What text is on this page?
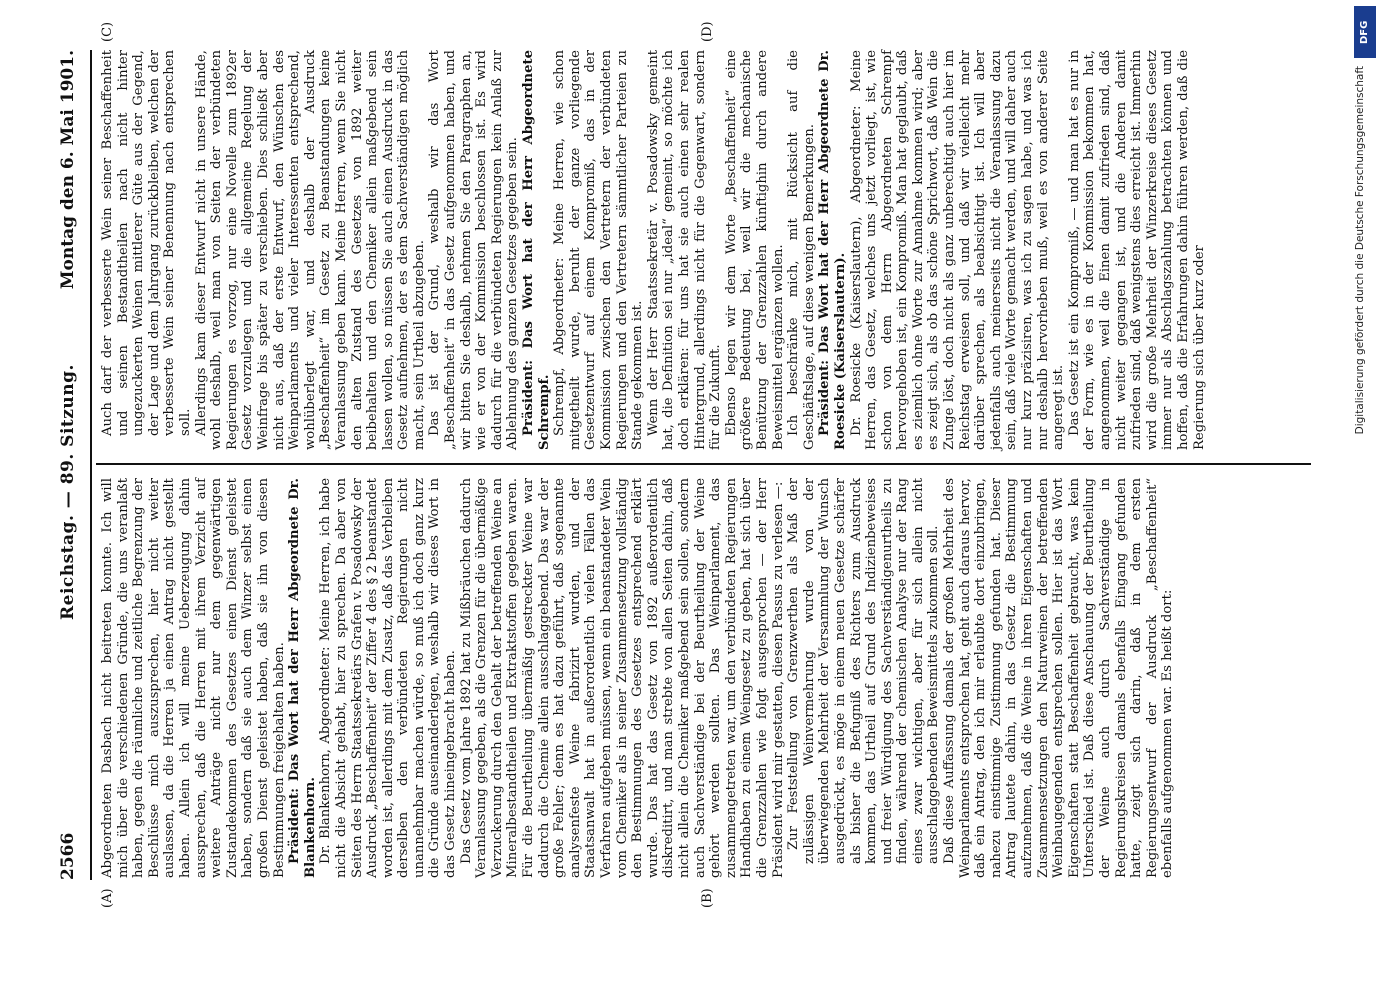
2566
Reichstag. — 89. Sitzung.
Montag den 6. Mai 1901.
(A)	(B)
(C)	(D)

Abgeordneten Dasbach nicht beitreten konnte. Ich will mich über die verschiedenen Gründe, die uns veranlaßt haben, gegen die räumliche und zeitliche Begrenzung der Beschlüsse mich auszusprechen, hier nicht weiter auslassen, da die Herren ja einen Antrag nicht gestellt haben. Allein ich will meine Ueberzeugung dahin aussprechen, daß die Herren mit ihrem Verzicht auf weitere Anträge nicht nur dem gegenwärtigen Zustandekommen des Gesetzes einen Dienst geleistet haben, sondern daß sie auch dem Winzer selbst einen großen Dienst geleistet haben, daß sie ihn von diesen Bestimmungen freigehalten haben. Präsident: Das Wort hat der Herr Abgeordnete Dr. Blankenhorn. Dr. Blankenhorn, Abgeordneter: Meine Herren, ich habe nicht die Absicht gehabt, hier zu sprechen. Da aber von Seiten des Herrn Staatssekretärs Grafen v. Posadowsky der Ausdruck „Beschaffenheit“ der Ziffer 4 des § 2 beanstandet worden ist, allerdings mit dem Zusatz, daß das Verbleiben derselben den verbündeten Regierungen nicht unannehmbar machen würde, so muß ich doch ganz kurz die Gründe auseinanderlegen, weshalb wir dieses Wort in das Gesetz hineingebracht haben. Das Gesetz vom Jahre 1892 hat zu Mißbräuchen dadurch Veranlassung gegeben, als die Grenzen für die übermäßige Verzuckerung durch den Gehalt der betreffenden Weine an Mineralbestandtheilen und Extraktstoffen gegeben waren. Für die Beurtheilung übermäßig gestreckter Weine war dadurch die Chemie allein ausschlaggebend. Das war der große Fehler; denn es hat dazu geführt, daß sogenannte analysenfeste Weine fabrizirt wurden, und der Staatsanwalt hat in außerordentlich vielen Fällen das Verfahren aufgeben müssen, wenn ein beanstandeter Wein vom Chemiker als in seiner Zusammensetzung vollständig den Bestimmungen des Gesetzes entsprechend erklärt wurde. Das hat das Gesetz von 1892 außerordentlich diskreditirt, und man strebte von allen Seiten dahin, daß nicht allein die Chemiker maßgebend sein sollen, sondern auch Sachverständige bei der Beurtheilung der Weine gehört werden sollten. Das Weinparlament, das zusammengetreten war, um den verbündeten Regierungen Handhaben zu einem Weingesetz zu geben, hat sich über die Grenzzahlen wie folgt ausgesprochen — der Herr Präsident wird mir gestatten, diesen Passus zu verlesen —: Zur Feststellung von Grenzwerthen als Maß der zulässigen Weinvermehrung wurde von der überwiegenden Mehrheit der Versammlung der Wunsch ausgedrückt, es möge in einem neuen Gesetze schärfer als bisher die Befugniß des Richters zum Ausdruck kommen, das Urtheil auf Grund des Indizienbeweises und freier Würdigung des Sachverständigenurtheils zu finden, während der chemischen Analyse nur der Rang eines zwar wichtigen, aber für sich allein nicht ausschlaggebenden Beweismittels zukommen soll. Daß diese Auffassung damals der großen Mehrheit des Weinparlaments entsprochen hat, geht auch daraus hervor, daß ein Antrag, den ich mir erlaubte dort einzubringen, nahezu einstimmige Zustimmung gefunden hat. Dieser Antrag lautete dahin, in das Gesetz die Bestimmung aufzunehmen, daß die Weine in ihren Eigenschaften und Zusammensetzungen den Naturweinen der betreffenden Weinbaugegenden entsprechen sollen. Hier ist das Wort Eigenschaften statt Beschaffenheit gebraucht, was kein Unterschied ist. Daß diese Anschauung der Beurtheilung der Weine auch durch Sachverständige in Regierungskreisen damals ebenfalls Eingang gefunden hatte, zeigt sich darin, daß in dem ersten Regierungsentwurf der Ausdruck „Beschaffenheit“ ebenfalls aufgenommen war. Es heißt dort:

Auch darf der verbesserte Wein seiner Beschaffenheit und seinen Bestandtheilen nach nicht hinter ungezuckerten Weinen mittlerer Güte aus der Gegend, der Lage und dem Jahrgang zurückbleiben, welchen der verbesserte Wein seiner Benennung nach entsprechen soll. Allerdings kam dieser Entwurf nicht in unsere Hände, wohl deshalb, weil man von Seiten der verbündeten Regierungen es vorzog, nur eine Novelle zum 1892er Gesetz vorzulegen und die allgemeine Regelung der Weinfrage bis später zu verschieben. Dies schließt aber nicht aus, daß der erste Entwurf, den Wünschen des Weinparlaments und vieler Interessenten entsprechend, wohlüberlegt war, und deshalb der Ausdruck „Beschaffenheit“ im Gesetz zu Beanstandungen keine Veranlassung geben kann. Meine Herren, wenn Sie nicht den alten Zustand des Gesetzes von 1892 weiter beibehalten und den Chemiker allein maßgebend sein lassen wollen, so müssen Sie auch einen Ausdruck in das Gesetz aufnehmen, der es dem Sachverständigen möglich macht, sein Urtheil abzugeben. Das ist der Grund, weshalb wir das Wort „Beschaffenheit“ in das Gesetz aufgenommen haben, und wir bitten Sie deshalb, nehmen Sie den Paragraphen an, wie er von der Kommission beschlossen ist. Es wird dadurch für die verbündeten Regierungen kein Anlaß zur Ablehnung des ganzen Gesetzes gegeben sein. Präsident: Das Wort hat der Herr Abgeordnete Schrempf. Schrempf, Abgeordneter: Meine Herren, wie schon mitgetheilt wurde, beruht der ganze vorliegende Gesetzentwurf auf einem Kompromiß, das in der Kommission zwischen den Vertretern der verbündeten Regierungen und den Vertretern sämmtlicher Parteien zu Stande gekommen ist. Wenn der Herr Staatssekretär v. Posadowsky gemeint hat, die Definition sei nur „ideal“ gemeint, so möchte ich doch erklären: für uns hat sie auch einen sehr realen Hintergrund, allerdings nicht für die Gegenwart, sondern für die Zukunft. Ebenso legen wir dem Worte „Beschaffenheit“ eine größere Bedeutung bei, weil wir die mechanische Benützung der Grenzzahlen künftighin durch andere Beweismittel ergänzen wollen. Ich beschränke mich, mit Rücksicht auf die Geschäftslage, auf diese wenigen Bemerkungen. Präsident: Das Wort hat der Herr Abgeordnete Dr. Roesicke (Kaiserslautern). Dr. Roesicke (Kaiserslautern), Abgeordneter: Meine Herren, das Gesetz, welches uns jetzt vorliegt, ist, wie schon von dem Herrn Abgeordneten Schrempf hervorgehoben ist, ein Kompromiß. Man hat geglaubt, daß es ziemlich ohne Worte zur Annahme kommen wird; aber es zeigt sich, als ob das schöne Sprichwort, daß Wein die Zunge löst, doch nicht als ganz unberechtigt auch hier im Reichstag erweisen soll, und daß wir vielleicht mehr darüber sprechen, als beabsichtigt ist. Ich will aber jedenfalls auch meinerseits nicht die Veranlassung dazu sein, daß viele Worte gemacht werden, und will daher auch nur kurz präzisiren, was ich zu sagen habe, und was ich nur deshalb hervorheben muß, weil es von anderer Seite angeregt ist. Das Gesetz ist ein Kompromiß, — und man hat es nur in der Form, wie es in der Kommission bekommen hat, angenommen, weil die Einen damit zufrieden sind, daß nicht weiter gegangen ist, und die Anderen damit zufrieden sind, daß wenigstens dies erreicht ist. Immerhin wird die große Mehrheit der Winzerkreise dieses Gesetz immer nur als Abschlagszahlung betrachten können und hoffen, daß die Erfahrungen dahin führen werden, daß die Regierung sich über kurz oder

DFG
Digitalisierung gefördert durch die Deutsche Forschungsgemeinschaft
